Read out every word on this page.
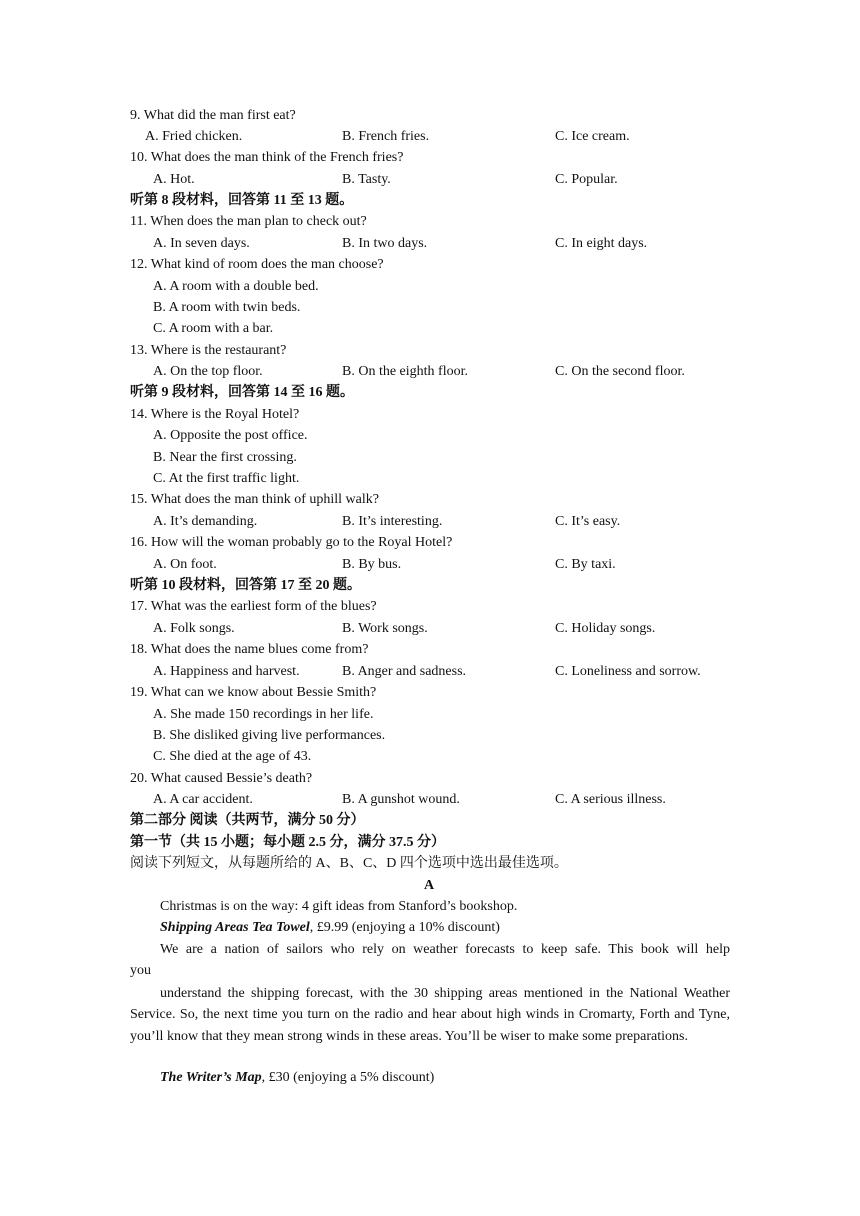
9. What did the man first eat?
A. Fried chicken.	B. French fries.	C. Ice cream.
10. What does the man think of the French fries?
A. Hot.	B. Tasty.	C. Popular.
听第 8 段材料，回答第 11 至 13 题。
11. When does the man plan to check out?
A. In seven days.	B. In two days.	C. In eight days.
12. What kind of room does the man choose?
A. A room with a double bed.
B. A room with twin beds.
C. A room with a bar.
13. Where is the restaurant?
A. On the top floor.	B. On the eighth floor.	C. On the second floor.
听第 9 段材料，回答第 14 至 16 题。
14. Where is the Royal Hotel?
A. Opposite the post office.
B. Near the first crossing.
C. At the first traffic light.
15. What does the man think of uphill walk?
A. It’s demanding.	B. It’s interesting.	C. It’s easy.
16. How will the woman probably go to the Royal Hotel?
A. On foot.	B. By bus.	C. By taxi.
听第 10 段材料，回答第 17 至 20 题。
17. What was the earliest form of the blues?
A. Folk songs.	B. Work songs.	C. Holiday songs.
18. What does the name blues come from?
A. Happiness and harvest.	B. Anger and sadness.	C. Loneliness and sorrow.
19. What can we know about Bessie Smith?
A. She made 150 recordings in her life.
B. She disliked giving live performances.
C. She died at the age of 43.
20. What caused Bessie’s death?
A. A car accident.	B. A gunshot wound.	C. A serious illness.
第二部分 阅读（共两节，满分 50 分）
第一节（共 15 小题；每小题 2.5 分，满分 37.5 分）
阅读下列短文，从每题所给的 A、B、C、D 四个选项中选出最佳选项。
A
Christmas is on the way: 4 gift ideas from Stanford’s bookshop.
Shipping Areas Tea Towel, £9.99 (enjoying a 10% discount)
We are a nation of sailors who rely on weather forecasts to keep safe. This book will help
you
understand the shipping forecast, with the 30 shipping areas mentioned in the National Weather Service. So, the next time you turn on the radio and hear about high winds in Cromarty, Forth and Tyne, you’ll know that they mean strong winds in these areas. You’ll be wiser to make some preparations.
The Writer’s Map, £30 (enjoying a 5% discount)
